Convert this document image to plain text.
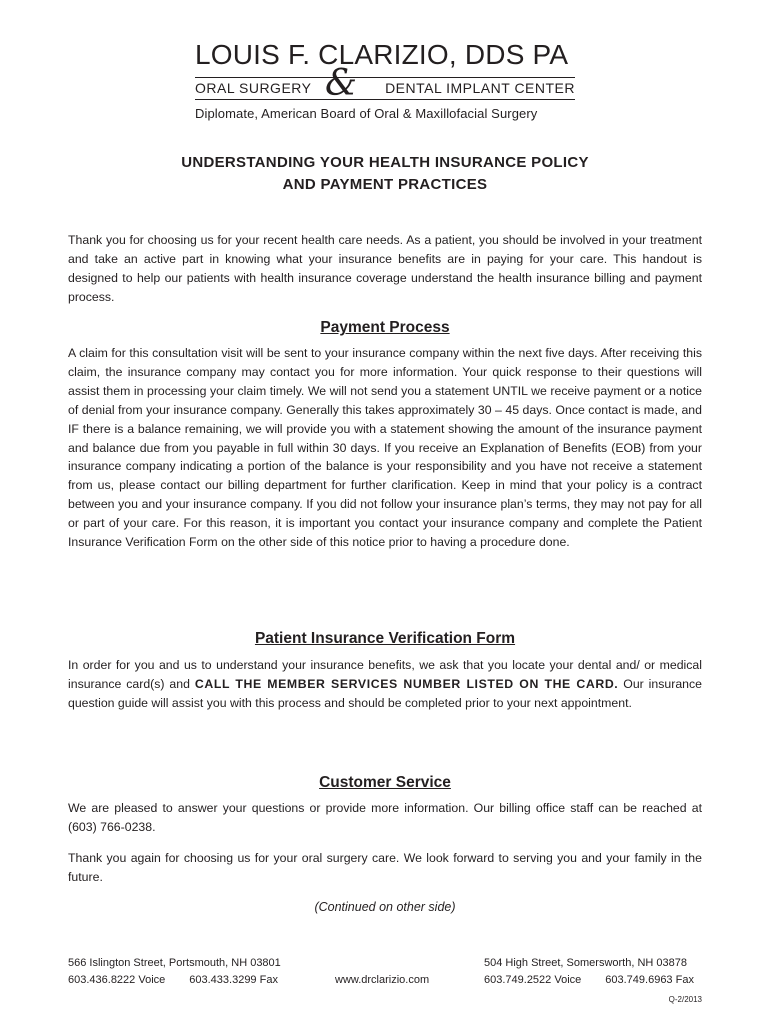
LOUIS F. CLARIZIO, DDS PA
ORAL SURGERY & DENTAL IMPLANT CENTER
Diplomate, American Board of Oral & Maxillofacial Surgery
UNDERSTANDING YOUR HEALTH INSURANCE POLICY
AND PAYMENT PRACTICES

Thank you for choosing us for your recent health care needs. As a patient, you should be involved in your treatment and take an active part in knowing what your insurance benefits are in paying for your care. This handout is designed to help our patients with health insurance coverage understand the health insurance billing and payment process.

Payment Process

A claim for this consultation visit will be sent to your insurance company within the next five days. After receiving this claim, the insurance company may contact you for more information. Your quick response to their questions will assist them in processing your claim timely. We will not send you a statement UNTIL we receive payment or a notice of denial from your insurance company. Generally this takes approximately 30 – 45 days. Once contact is made, and IF there is a balance remaining, we will provide you with a statement showing the amount of the insurance payment and balance due from you payable in full within 30 days. If you receive an Explanation of Benefits (EOB) from your insurance company indicating a portion of the balance is your responsibility and you have not receive a statement from us, please contact our billing department for further clarification. Keep in mind that your policy is a contract between you and your insurance company. If you did not follow your insurance plan’s terms, they may not pay for all or part of your care. For this reason, it is important you contact your insurance company and complete the Patient Insurance Verification Form on the other side of this notice prior to having a procedure done.

Patient Insurance Verification Form

In order for you and us to understand your insurance benefits, we ask that you locate your dental and/ or medical insurance card(s) and CALL THE MEMBER SERVICES NUMBER LISTED ON THE CARD. Our insurance question guide will assist you with this process and should be completed prior to your next appointment.

Customer Service

We are pleased to answer your questions or provide more information. Our billing office staff can be reached at (603) 766-0238.

Thank you again for choosing us for your oral surgery care. We look forward to serving you and your family in the future.

(Continued on other side)
566 Islington Street, Portsmouth, NH 03801
603.436.8222 Voice 603.433.3299 Fax	www.drclarizio.com
504 High Street, Somersworth, NH 03878
603.749.2522 Voice 603.749.6963 Fax
Q-2/2013
